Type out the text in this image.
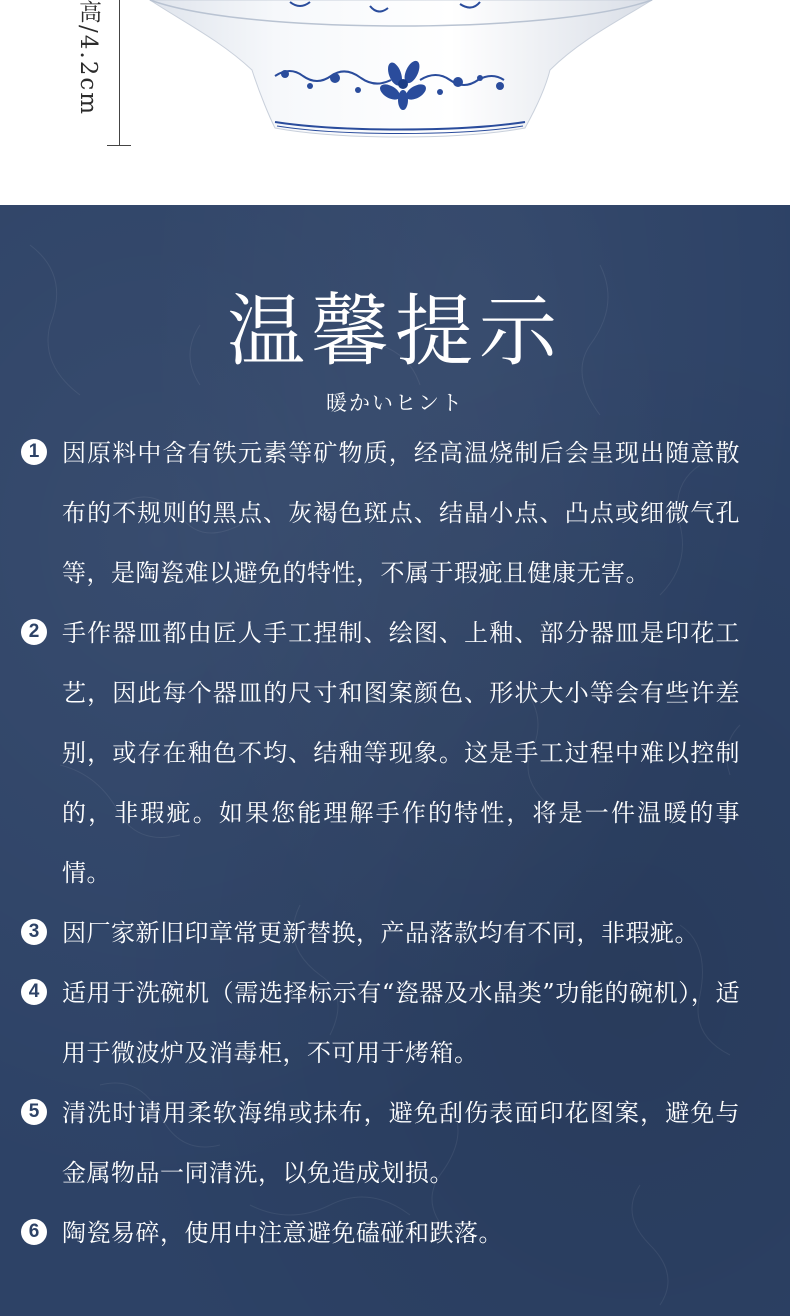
高/4.2cm
温馨提示
暖かいヒント
1 因原料中含有铁元素等矿物质，经高温烧制后会呈现出随意散布的不规则的黑点、灰褐色斑点、结晶小点、凸点或细微气孔等，是陶瓷难以避免的特性，不属于瑕疵且健康无害。
2 手作器皿都由匠人手工捏制、绘图、上釉、部分器皿是印花工艺，因此每个器皿的尺寸和图案颜色、形状大小等会有些许差别，或存在釉色不均、结釉等现象。这是手工过程中难以控制的，非瑕疵。如果您能理解手作的特性，将是一件温暖的事情。
3 因厂家新旧印章常更新替换，产品落款均有不同，非瑕疵。
4 适用于洗碗机（需选择标示有“瓷器及水晶类”功能的碗机），适用于微波炉及消毒柜，不可用于烤箱。
5 清洗时请用柔软海绵或抹布，避免刮伤表面印花图案，避免与金属物品一同清洗，以免造成划损。
6 陶瓷易碎，使用中注意避免磕碰和跌落。
